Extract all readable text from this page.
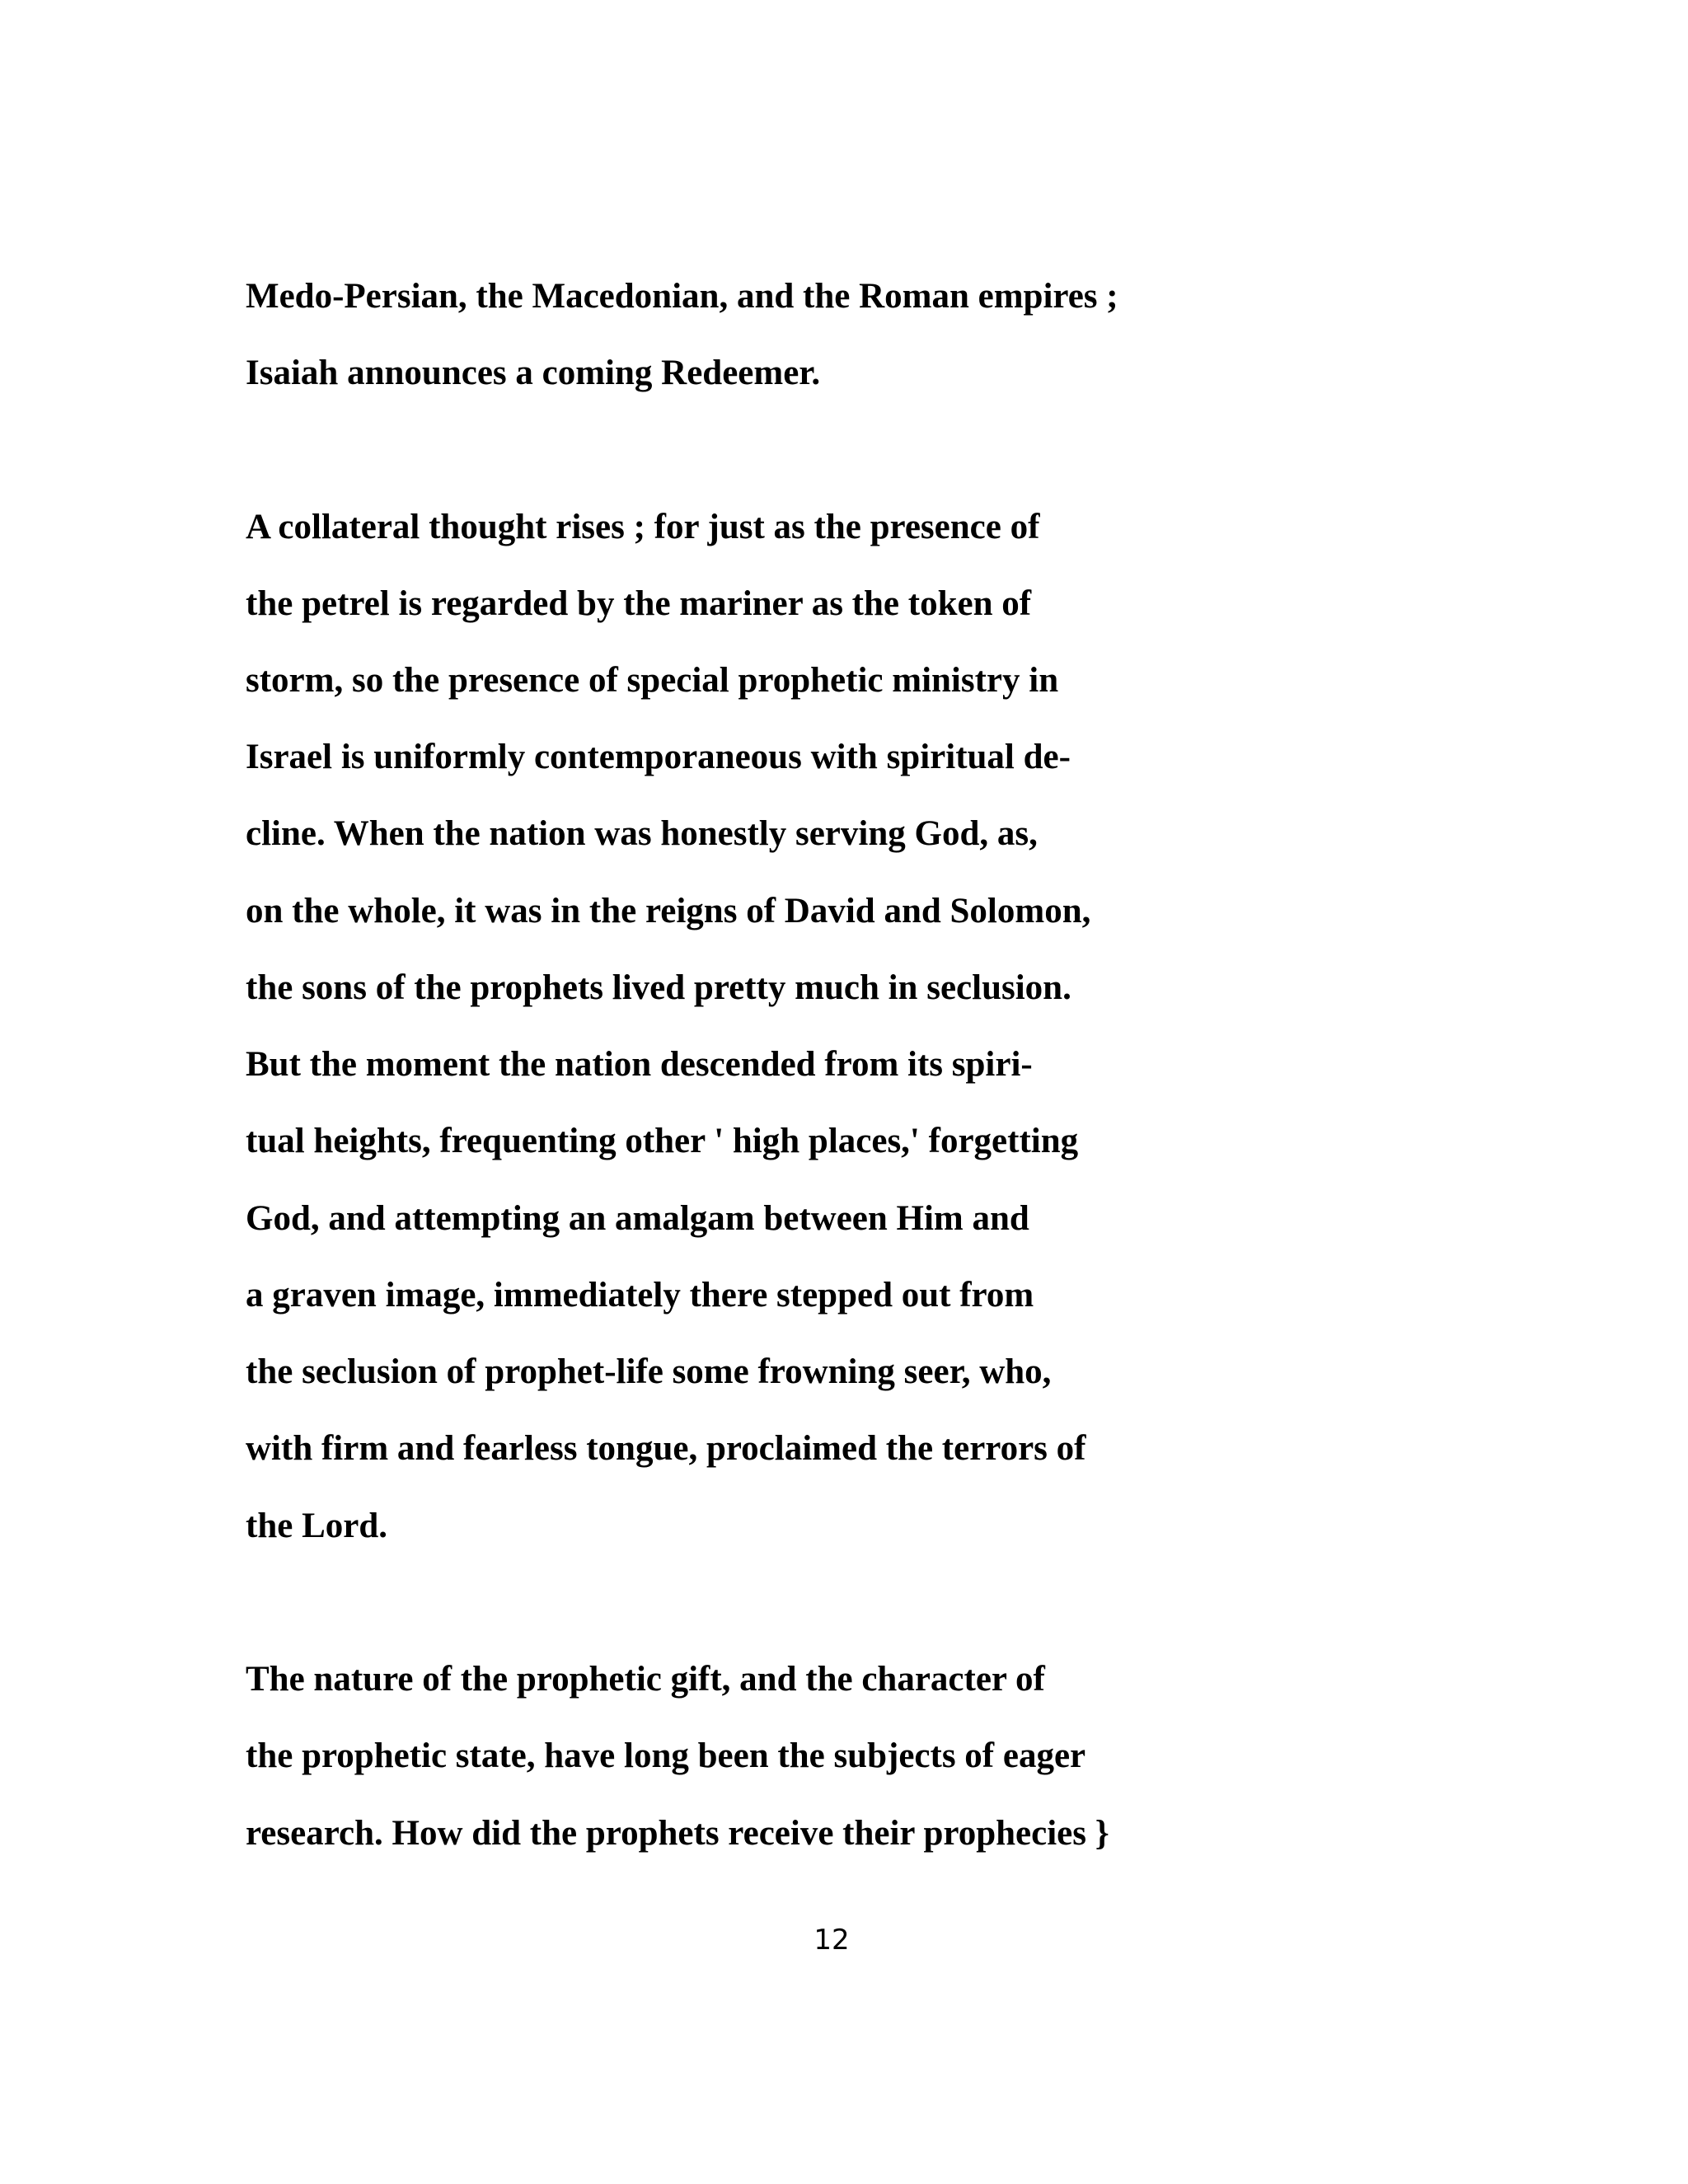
Medo-Persian, the Macedonian, and the Roman empires ;
Isaiah announces a coming Redeemer.
A collateral thought rises ; for just as the presence of
the petrel is regarded by the mariner as the token of
storm, so the presence of special prophetic ministry in
Israel is uniformly contemporaneous with spiritual de-
cline. When the nation was honestly serving God, as,
on the whole, it was in the reigns of David and Solomon,
the sons of the prophets lived pretty much in seclusion.
But the moment the nation descended from its spiri-
tual heights, frequenting other ' high places,' forgetting
God, and attempting an amalgam between Him and
a graven image, immediately there stepped out from
the seclusion of prophet-life some frowning seer, who,
with firm and fearless tongue, proclaimed the terrors of
the Lord.
The nature of the prophetic gift, and the character of
the prophetic state, have long been the subjects of eager
research. How did the prophets receive their prophecies }
12
